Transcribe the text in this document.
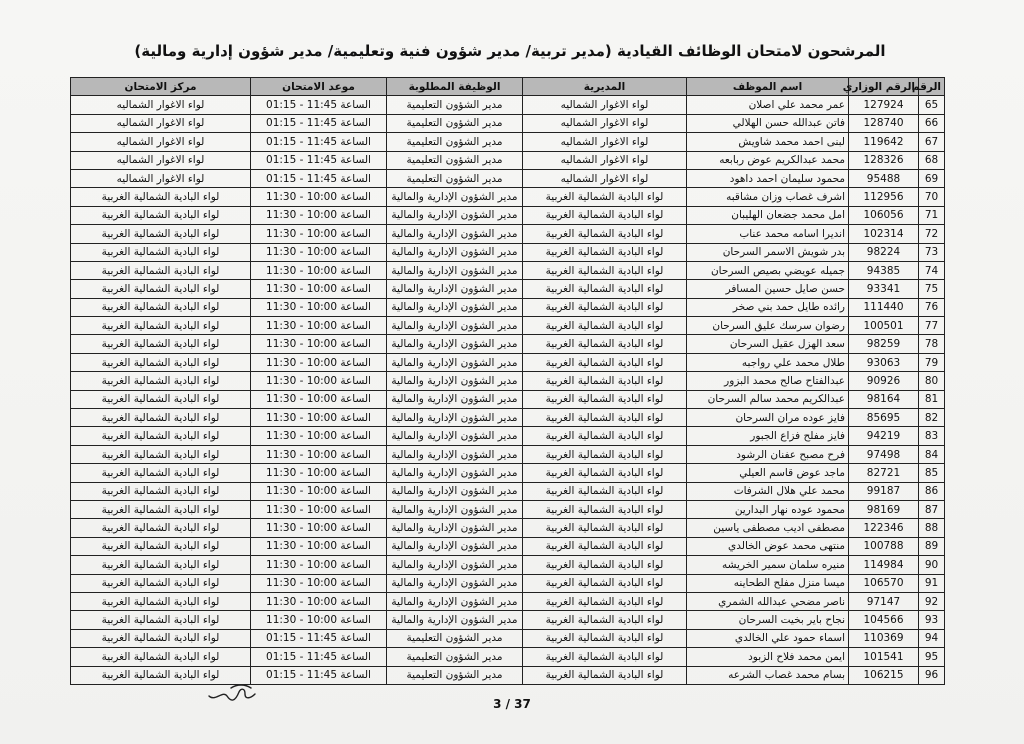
المرشحون لامتحان الوظائف القيادية (مدير تربية/ مدير شؤون فنية وتعليمية/ مدير شؤون إدارية ومالية)
الرقم	الرقم الوزاري	اسم الموظف	المديرية	الوظيفة المطلوبة	موعد الامتحان	مركز الامتحان
65	127924	عمر محمد علي اصلان	لواء الاغوار الشماليه	مدير الشؤون التعليمية	الساعة 11:45 - 01:15	لواء الاغوار الشماليه
66	128740	فاتن عبدالله حسن الهلالي	لواء الاغوار الشماليه	مدير الشؤون التعليمية	الساعة 11:45 - 01:15	لواء الاغوار الشماليه
67	119642	لبنى احمد محمد شاويش	لواء الاغوار الشماليه	مدير الشؤون التعليمية	الساعة 11:45 - 01:15	لواء الاغوار الشماليه
68	128326	محمد عبدالكريم عوض ربابعه	لواء الاغوار الشماليه	مدير الشؤون التعليمية	الساعة 11:45 - 01:15	لواء الاغوار الشماليه
69	95488	محمود سليمان احمد داهود	لواء الاغوار الشماليه	مدير الشؤون التعليمية	الساعة 11:45 - 01:15	لواء الاغوار الشماليه
70	112956	اشرف غصاب وزان مشاقبه	لواء البادية الشمالية الغربية	مدير الشؤون الإدارية والمالية	الساعة 10:00 - 11:30	لواء البادية الشمالية الغربية
71	106056	امل محمد جضعان الهليبان	لواء البادية الشمالية الغربية	مدير الشؤون الإدارية والمالية	الساعة 10:00 - 11:30	لواء البادية الشمالية الغربية
72	102314	انديرا اسامه محمد عناب	لواء البادية الشمالية الغربية	مدير الشؤون الإدارية والمالية	الساعة 10:00 - 11:30	لواء البادية الشمالية الغربية
73	98224	بدر شويش الاسمر السرحان	لواء البادية الشمالية الغربية	مدير الشؤون الإدارية والمالية	الساعة 10:00 - 11:30	لواء البادية الشمالية الغربية
74	94385	جميله عويضي بصيص السرحان	لواء البادية الشمالية الغربية	مدير الشؤون الإدارية والمالية	الساعة 10:00 - 11:30	لواء البادية الشمالية الغربية
75	93341	حسن صايل حسين المسافر	لواء البادية الشمالية الغربية	مدير الشؤون الإدارية والمالية	الساعة 10:00 - 11:30	لواء البادية الشمالية الغربية
76	111440	رائده طايل حمد بني صخر	لواء البادية الشمالية الغربية	مدير الشؤون الإدارية والمالية	الساعة 10:00 - 11:30	لواء البادية الشمالية الغربية
77	100501	رضوان سرسك عليق السرحان	لواء البادية الشمالية الغربية	مدير الشؤون الإدارية والمالية	الساعة 10:00 - 11:30	لواء البادية الشمالية الغربية
78	98259	سعد الهزل عقيل السرحان	لواء البادية الشمالية الغربية	مدير الشؤون الإدارية والمالية	الساعة 10:00 - 11:30	لواء البادية الشمالية الغربية
79	93063	طلال محمد علي رواجبه	لواء البادية الشمالية الغربية	مدير الشؤون الإدارية والمالية	الساعة 10:00 - 11:30	لواء البادية الشمالية الغربية
80	90926	عبدالفتاح صالح محمد البزور	لواء البادية الشمالية الغربية	مدير الشؤون الإدارية والمالية	الساعة 10:00 - 11:30	لواء البادية الشمالية الغربية
81	98164	عبدالكريم محمد سالم السرحان	لواء البادية الشمالية الغربية	مدير الشؤون الإدارية والمالية	الساعة 10:00 - 11:30	لواء البادية الشمالية الغربية
82	85695	فايز عوده مران السرحان	لواء البادية الشمالية الغربية	مدير الشؤون الإدارية والمالية	الساعة 10:00 - 11:30	لواء البادية الشمالية الغربية
83	94219	فايز مفلح فزاع الجبور	لواء البادية الشمالية الغربية	مدير الشؤون الإدارية والمالية	الساعة 10:00 - 11:30	لواء البادية الشمالية الغربية
84	97498	فرح مصبح عفنان الرشود	لواء البادية الشمالية الغربية	مدير الشؤون الإدارية والمالية	الساعة 10:00 - 11:30	لواء البادية الشمالية الغربية
85	82721	ماجد عوض قاسم العيلي	لواء البادية الشمالية الغربية	مدير الشؤون الإدارية والمالية	الساعة 10:00 - 11:30	لواء البادية الشمالية الغربية
86	99187	محمد علي هلال الشرفات	لواء البادية الشمالية الغربية	مدير الشؤون الإدارية والمالية	الساعة 10:00 - 11:30	لواء البادية الشمالية الغربية
87	98169	محمود عوده نهار البدارين	لواء البادية الشمالية الغربية	مدير الشؤون الإدارية والمالية	الساعة 10:00 - 11:30	لواء البادية الشمالية الغربية
88	122346	مصطفى اديب مصطفى ياسين	لواء البادية الشمالية الغربية	مدير الشؤون الإدارية والمالية	الساعة 10:00 - 11:30	لواء البادية الشمالية الغربية
89	100788	منتهى محمد عوض الخالدي	لواء البادية الشمالية الغربية	مدير الشؤون الإدارية والمالية	الساعة 10:00 - 11:30	لواء البادية الشمالية الغربية
90	114984	منيره سلمان سمير الخريشه	لواء البادية الشمالية الغربية	مدير الشؤون الإدارية والمالية	الساعة 10:00 - 11:30	لواء البادية الشمالية الغربية
91	106570	ميسا منزل مفلح الطحاينه	لواء البادية الشمالية الغربية	مدير الشؤون الإدارية والمالية	الساعة 10:00 - 11:30	لواء البادية الشمالية الغربية
92	97147	ناصر مضحي عبدالله الشمري	لواء البادية الشمالية الغربية	مدير الشؤون الإدارية والمالية	الساعة 10:00 - 11:30	لواء البادية الشمالية الغربية
93	104566	نجاح باير بخيت السرحان	لواء البادية الشمالية الغربية	مدير الشؤون الإدارية والمالية	الساعة 10:00 - 11:30	لواء البادية الشمالية الغربية
94	110369	اسماء حمود علي الخالدي	لواء البادية الشمالية الغربية	مدير الشؤون التعليمية	الساعة 11:45 - 01:15	لواء البادية الشمالية الغربية
95	101541	ايمن محمد فلاح الزبود	لواء البادية الشمالية الغربية	مدير الشؤون التعليمية	الساعة 11:45 - 01:15	لواء البادية الشمالية الغربية
96	106215	بسام محمد غصاب الشرعه	لواء البادية الشمالية الغربية	مدير الشؤون التعليمية	الساعة 11:45 - 01:15	لواء البادية الشمالية الغربية
3 / 37
